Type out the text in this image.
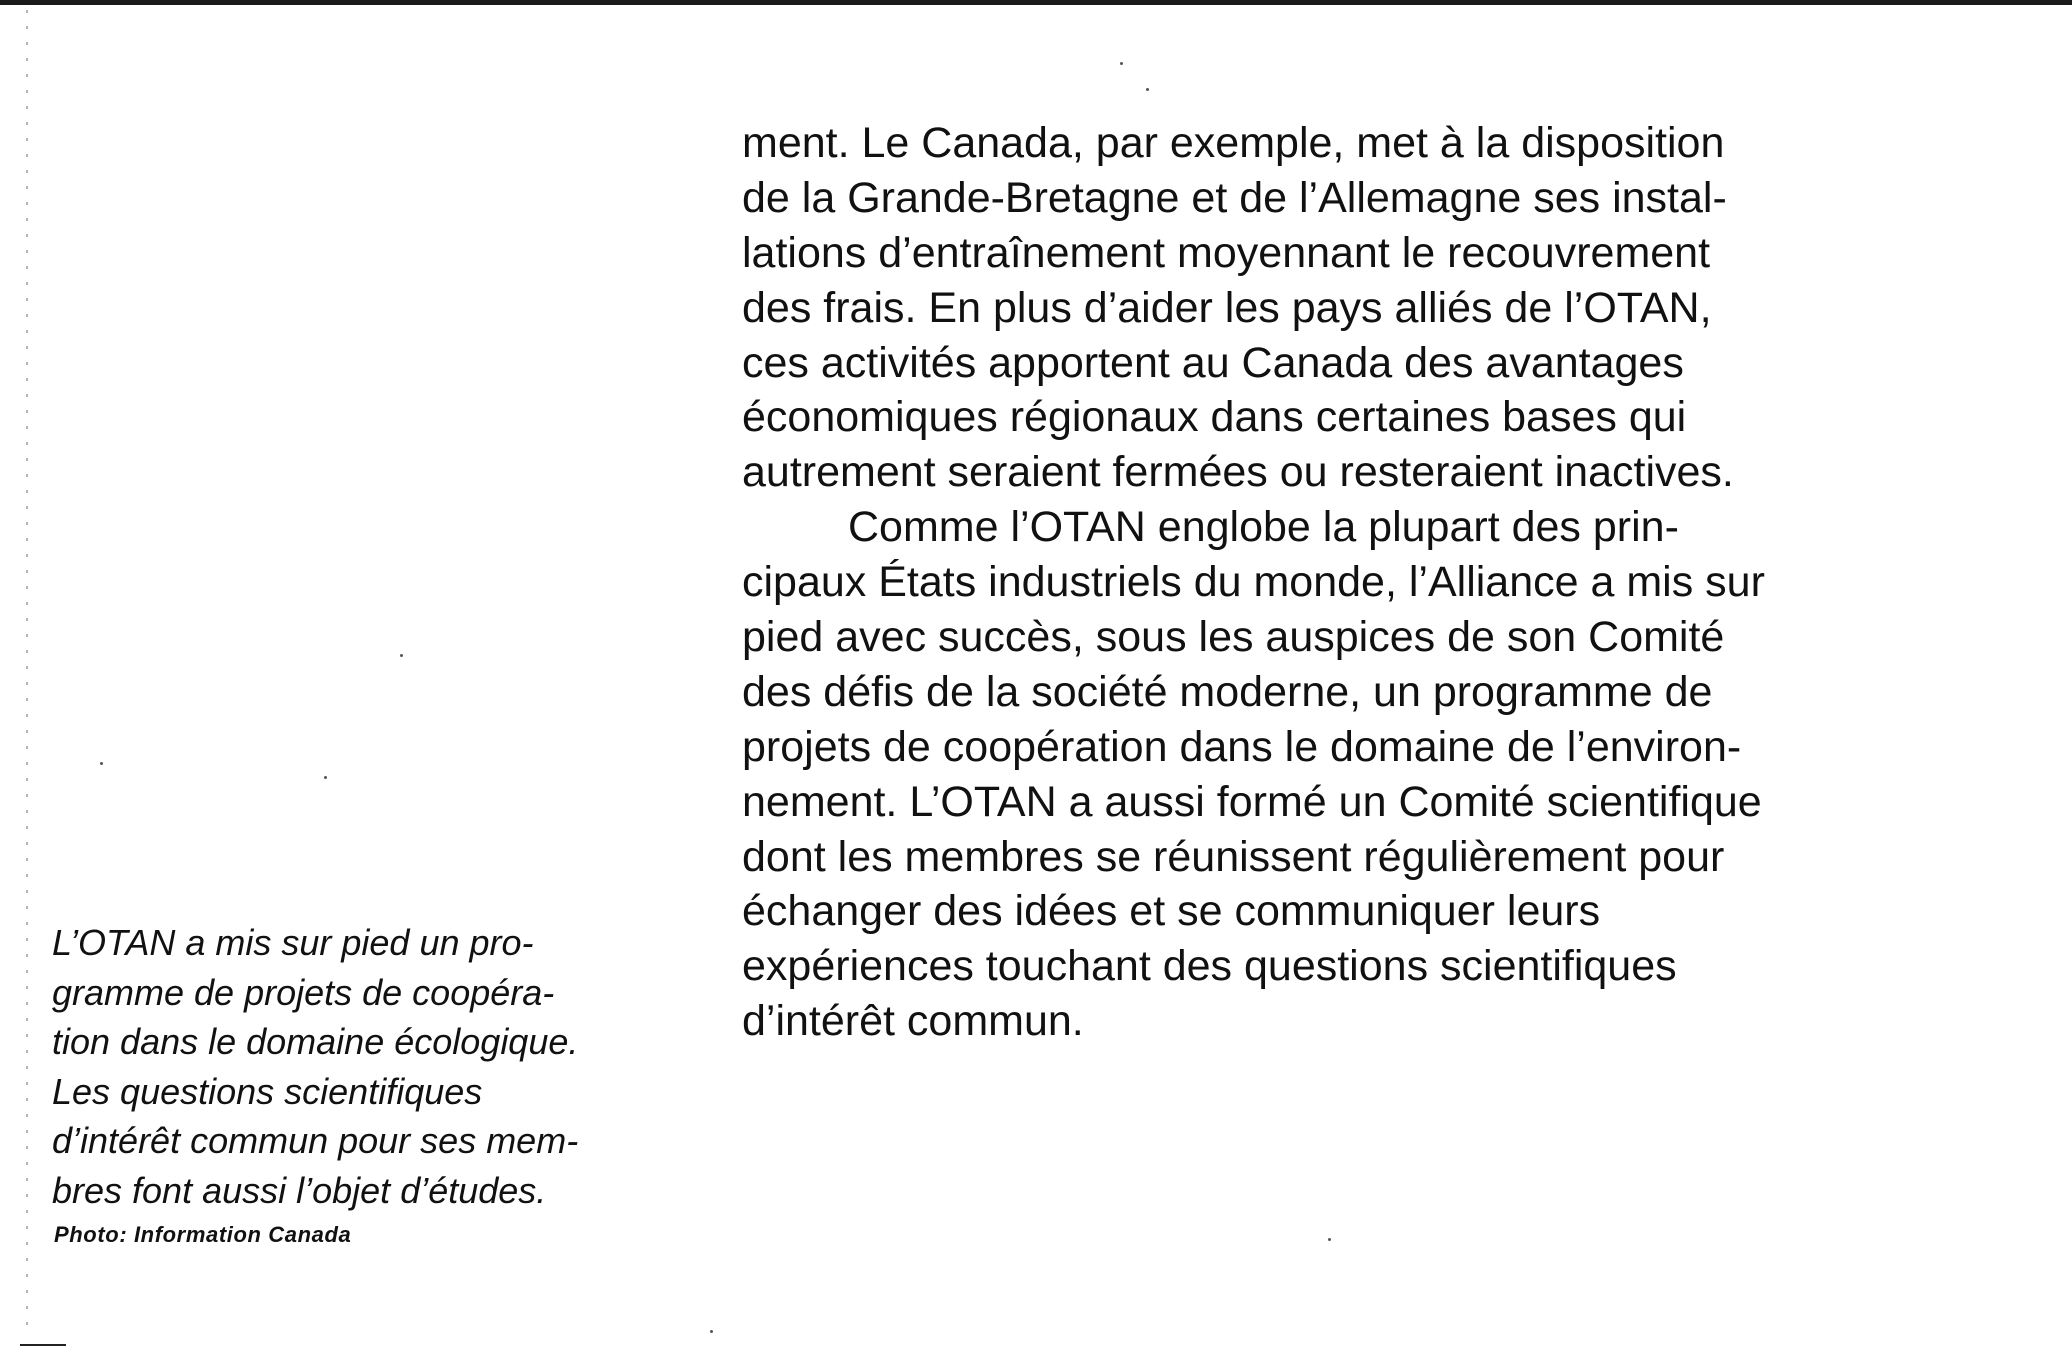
ment. Le Canada, par exemple, met à la disposition
de la Grande-Bretagne et de l’Allemagne ses instal-
lations d’entraînement moyennant le recouvrement
des frais. En plus d’aider les pays alliés de l’OTAN,
ces activités apportent au Canada des avantages
économiques régionaux dans certaines bases qui
autrement seraient fermées ou resteraient inactives.
Comme l’OTAN englobe la plupart des prin-
cipaux États industriels du monde, l’Alliance a mis sur
pied avec succès, sous les auspices de son Comité
des défis de la société moderne, un programme de
projets de coopération dans le domaine de l’environ-
nement. L’OTAN a aussi formé un Comité scientifique
dont les membres se réunissent régulièrement pour
échanger des idées et se communiquer leurs
expériences touchant des questions scientifiques
d’intérêt commun.
L’OTAN a mis sur pied un pro-
gramme de projets de coopéra-
tion dans le domaine écologique.
Les questions scientifiques
d’intérêt commun pour ses mem-
bres font aussi l’objet d’études.

Photo: Information Canada
